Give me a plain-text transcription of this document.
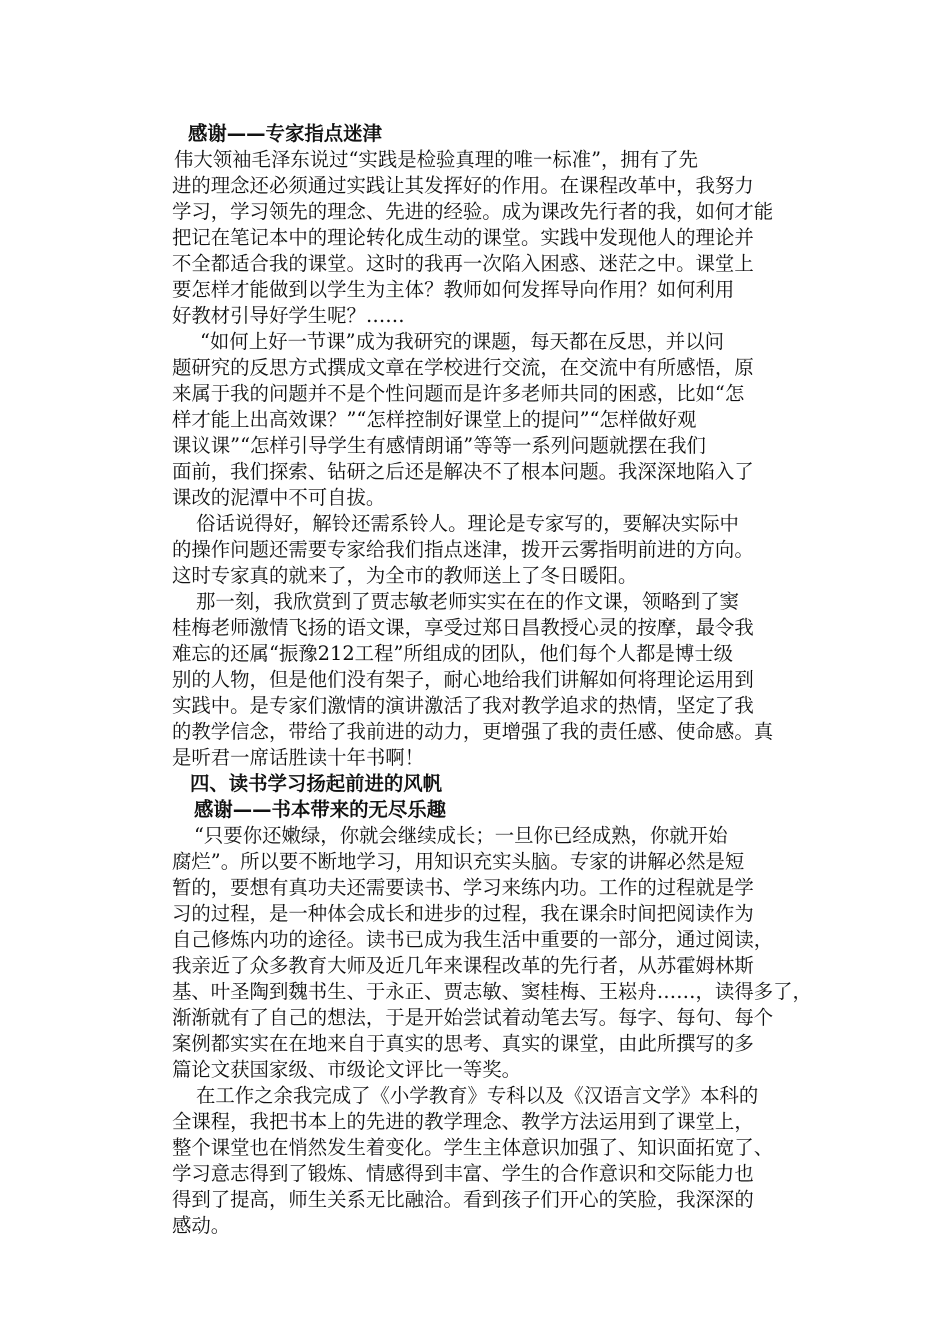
感谢——专家指点迷津
伟大领袖毛泽东说过“实践是检验真理的唯一标准”，拥有了先
进的理念还必须通过实践让其发挥好的作用。在课程改革中，我努力
学习，学习领先的理念、先进的经验。成为课改先行者的我，如何才能
把记在笔记本中的理论转化成生动的课堂。实践中发现他人的理论并
不全都适合我的课堂。这时的我再一次陷入困惑、迷茫之中。课堂上
要怎样才能做到以学生为主体？教师如何发挥导向作用？如何利用
好教材引导好学生呢？……
“如何上好一节课”成为我研究的课题，每天都在反思，并以问
题研究的反思方式撰成文章在学校进行交流，在交流中有所感悟，原
来属于我的问题并不是个性问题而是许多老师共同的困惑，比如“怎
样才能上出高效课？”“怎样控制好课堂上的提问”“怎样做好观
课议课”“怎样引导学生有感情朗诵”等等一系列问题就摆在我们
面前，我们探索、钻研之后还是解决不了根本问题。我深深地陷入了
课改的泥潭中不可自拔。
俗话说得好，解铃还需系铃人。理论是专家写的，要解决实际中
的操作问题还需要专家给我们指点迷津，拨开云雾指明前进的方向。
这时专家真的就来了，为全市的教师送上了冬日暖阳。
那一刻，我欣赏到了贾志敏老师实实在在的作文课，领略到了窦
桂梅老师激情飞扬的语文课，享受过郑日昌教授心灵的按摩，最令我
难忘的还属“振豫212工程”所组成的团队，他们每个人都是博士级
别的人物，但是他们没有架子，耐心地给我们讲解如何将理论运用到
实践中。是专家们激情的演讲激活了我对教学追求的热情，坚定了我
的教学信念，带给了我前进的动力，更增强了我的责任感、使命感。真
是听君一席话胜读十年书啊！
四、读书学习扬起前进的风帆
感谢——书本带来的无尽乐趣
“只要你还嫩绿，你就会继续成长；一旦你已经成熟，你就开始
腐烂”。所以要不断地学习，用知识充实头脑。专家的讲解必然是短
暂的，要想有真功夫还需要读书、学习来练内功。工作的过程就是学
习的过程，是一种体会成长和进步的过程，我在课余时间把阅读作为
自己修炼内功的途径。读书已成为我生活中重要的一部分，通过阅读，
我亲近了众多教育大师及近几年来课程改革的先行者，从苏霍姆林斯
基、叶圣陶到魏书生、于永正、贾志敏、窦桂梅、王崧舟……，读得多了，
渐渐就有了自己的想法，于是开始尝试着动笔去写。每字、每句、每个
案例都实实在在地来自于真实的思考、真实的课堂，由此所撰写的多
篇论文获国家级、市级论文评比一等奖。
在工作之余我完成了《小学教育》专科以及《汉语言文学》本科的
全课程，我把书本上的先进的教学理念、教学方法运用到了课堂上，
整个课堂也在悄然发生着变化。学生主体意识加强了、知识面拓宽了、
学习意志得到了锻炼、情感得到丰富、学生的合作意识和交际能力也
得到了提高，师生关系无比融洽。看到孩子们开心的笑脸，我深深的
感动。
